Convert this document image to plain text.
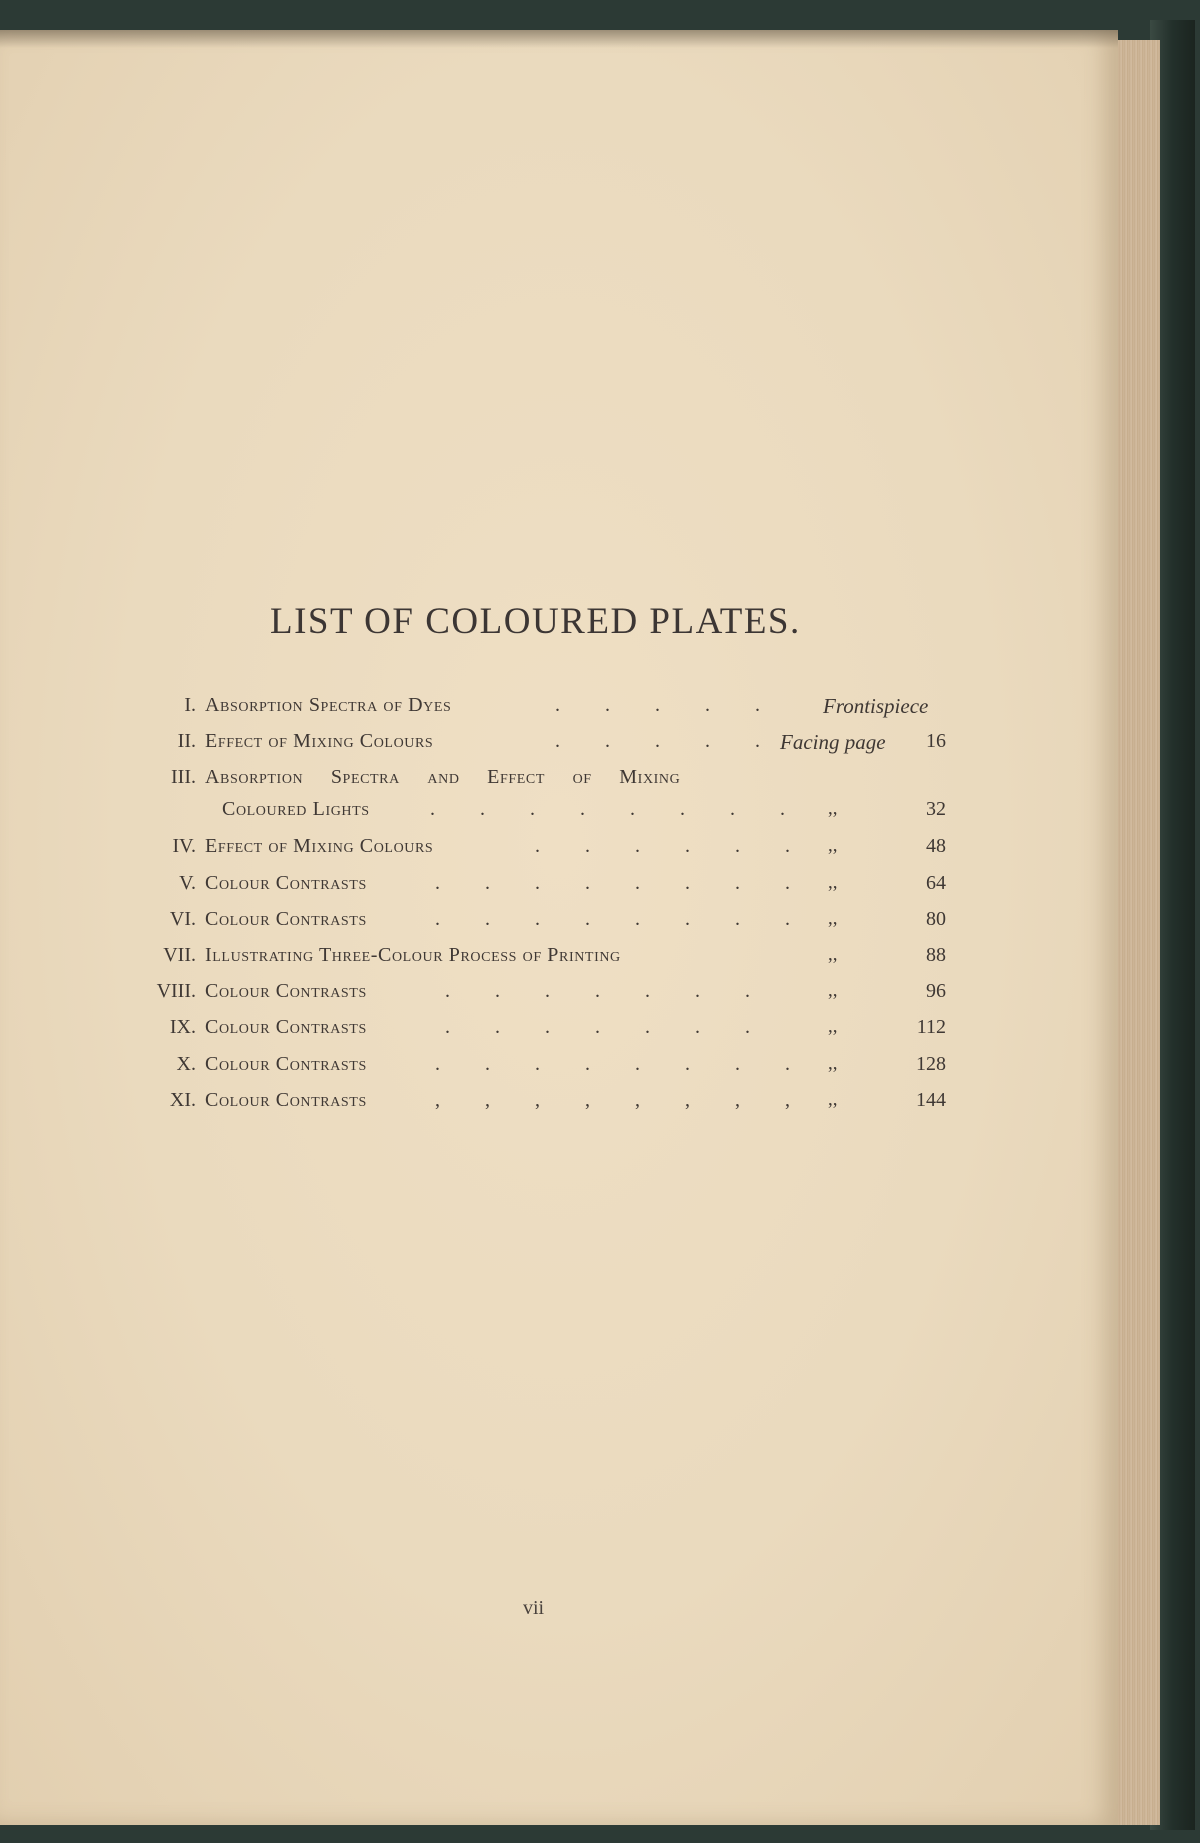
LIST OF COLOURED PLATES.
I. Absorption Spectra of Dyes	. . . . . Frontispiece
II. Effect of Mixing Colours	. . . . . Facing page 16
III. Absorption Spectra and Effect of Mixing
Coloured Lights	. . . . . . . . ,,	32
IV. Effect of Mixing Colours	. . . . . . ,,	48
V. Colour Contrasts	. . . . . . . . ,,	64
VI. Colour Contrasts	. . . . . . . . ,,	80
VII. Illustrating Three-Colour Process of Printing	,,	88
VIII. Colour Contrasts	. . . . . . .	,,	96
IX. Colour Contrasts	. . . . . . .	,,	112
X. Colour Contrasts	. . . . . . . . ,,	128
XI. Colour Contrasts	, , , , , , , , ,,	144
vii
